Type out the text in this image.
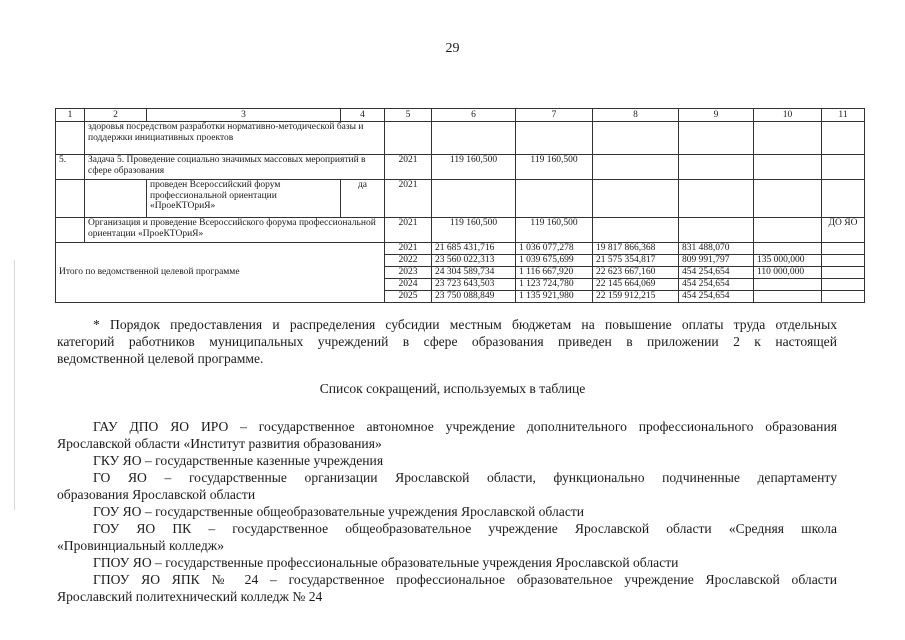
29
1	2	3	4	5	6	7	8	9	10	11
	здоровья посредством разработки нормативно-методической базы и поддержки инициативных проектов									
5.	Задача 5. Проведение социально значимых массовых мероприятий в сфере образования			2021	119 160,500	119 160,500				
		проведен Всероссийский форум профессиональной ориентации «ПроеКТОриЯ»	да	2021						
	Организация и проведение Всероссийского форума профессиональной ориентации «ПроеКТОриЯ»			2021	119 160,500	119 160,500				ДО ЯО
Итого по ведомственной целевой программе				2021	21 685 431,716	1 036 077,278	19 817 866,368	831 488,070		
				2022	23 560 022,313	1 039 675,699	21 575 354,817	809 991,797	135 000,000	
				2023	24 304 589,734	1 116 667,920	22 623 667,160	454 254,654	110 000,000	
				2024	23 723 643,503	1 123 724,780	22 145 664,069	454 254,654		
				2025	23 750 088,849	1 135 921,980	22 159 912,215	454 254,654		

* Порядок предоставления и распределения субсидии местным бюджетам на повышение оплаты труда отдельных

категорий работников муниципальных учреждений в сфере образования приведен в приложении 2 к настоящей

ведомственной целевой программе.

Список сокращений, используемых в таблице

ГАУ ДПО ЯО ИРО – государственное автономное учреждение дополнительного профессионального образования

Ярославской области «Институт развития образования»

ГКУ ЯО – государственные казенные учреждения

ГО ЯО – государственные организации Ярославской области, функционально подчиненные департаменту

образования Ярославской области

ГОУ ЯО – государственные общеобразовательные учреждения Ярославской области

ГОУ ЯО ПК – государственное общеобразовательное учреждение Ярославской области «Средняя школа

«Провинциальный колледж»

ГПОУ ЯО – государственные профессиональные образовательные учреждения Ярославской области

ГПОУ ЯО ЯПК № 24 – государственное профессиональное образовательное учреждение Ярославской области

Ярославский политехнический колледж № 24
